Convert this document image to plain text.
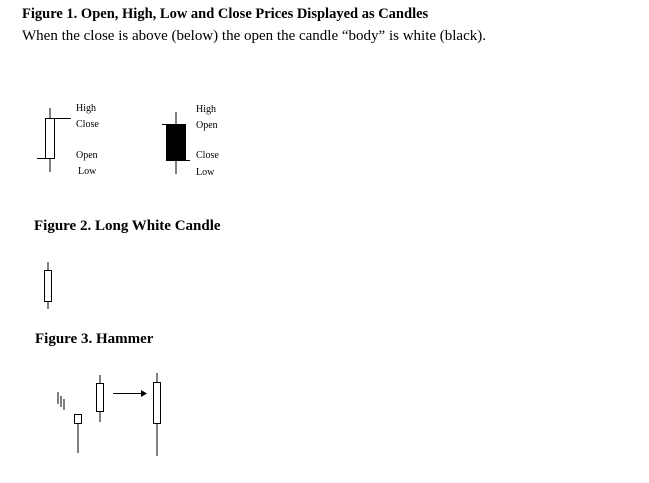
Figure 1. Open, High, Low and Close Prices Displayed as Candles
When the close is above (below) the open the candle “body” is white (black).
High
Close
Open
Low
High
Open
Close
Low
Figure 2. Long White Candle
Figure 3. Hammer
